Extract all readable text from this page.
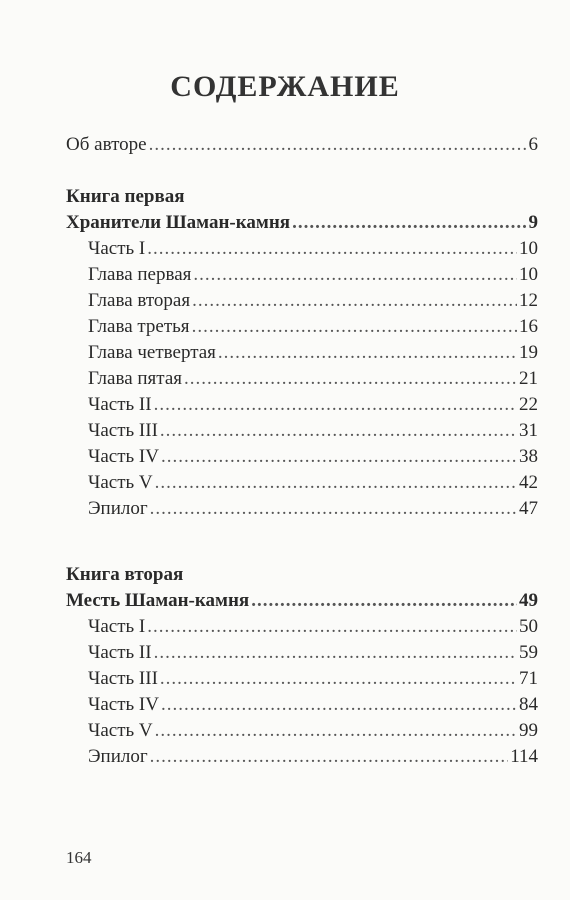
СОДЕРЖАНИЕ
Об авторе .....	6
Книга первая
Хранители Шаман-камня .....	9
Часть I .....	10
Глава первая .....	10
Глава вторая .....	12
Глава третья .....	16
Глава четвертая .....	19
Глава пятая .....	21
Часть II .....	22
Часть III .....	31
Часть IV .....	38
Часть V .....	42
Эпилог .....	47
Книга вторая
Месть Шаман-камня .....	49
Часть I .....	50
Часть II .....	59
Часть III .....	71
Часть IV .....	84
Часть V .....	99
Эпилог .....	114
164
